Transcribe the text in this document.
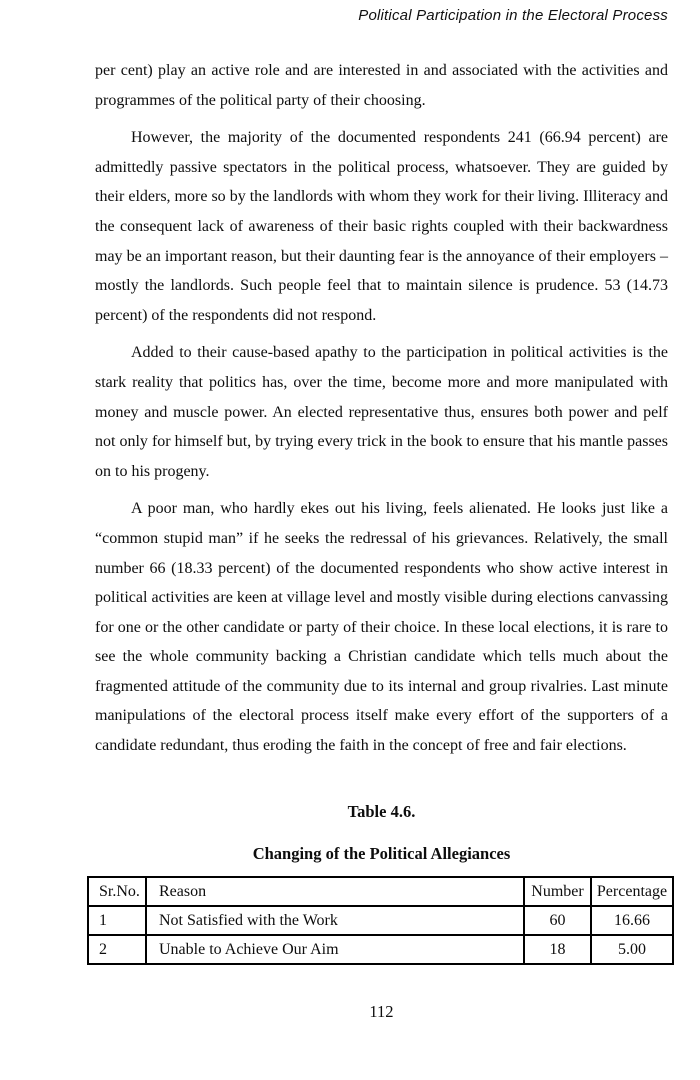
Political Participation in the Electoral Process

per cent) play an active role and are interested in and associated with the activities and programmes of the political party of their choosing.

However, the majority of the documented respondents 241 (66.94 percent) are admittedly passive spectators in the political process, whatsoever. They are guided by their elders, more so by the landlords with whom they work for their living. Illiteracy and the consequent lack of awareness of their basic rights coupled with their backwardness may be an important reason, but their daunting fear is the annoyance of their employers – mostly the landlords. Such people feel that to maintain silence is prudence. 53 (14.73 percent) of the respondents did not respond.

Added to their cause-based apathy to the participation in political activities is the stark reality that politics has, over the time, become more and more manipulated with money and muscle power. An elected representative thus, ensures both power and pelf not only for himself but, by trying every trick in the book to ensure that his mantle passes on to his progeny.

A poor man, who hardly ekes out his living, feels alienated. He looks just like a “common stupid man” if he seeks the redressal of his grievances. Relatively, the small number 66 (18.33 percent) of the documented respondents who show active interest in political activities are keen at village level and mostly visible during elections canvassing for one or the other candidate or party of their choice. In these local elections, it is rare to see the whole community backing a Christian candidate which tells much about the fragmented attitude of the community due to its internal and group rivalries. Last minute manipulations of the electoral process itself make every effort of the supporters of a candidate redundant, thus eroding the faith in the concept of free and fair elections.

Table 4.6.
Changing of the Political Allegiances
Sr.No.	Reason	Number	Percentage
1	Not Satisfied with the Work	60	16.66
2	Unable to Achieve Our Aim	18	5.00
112
